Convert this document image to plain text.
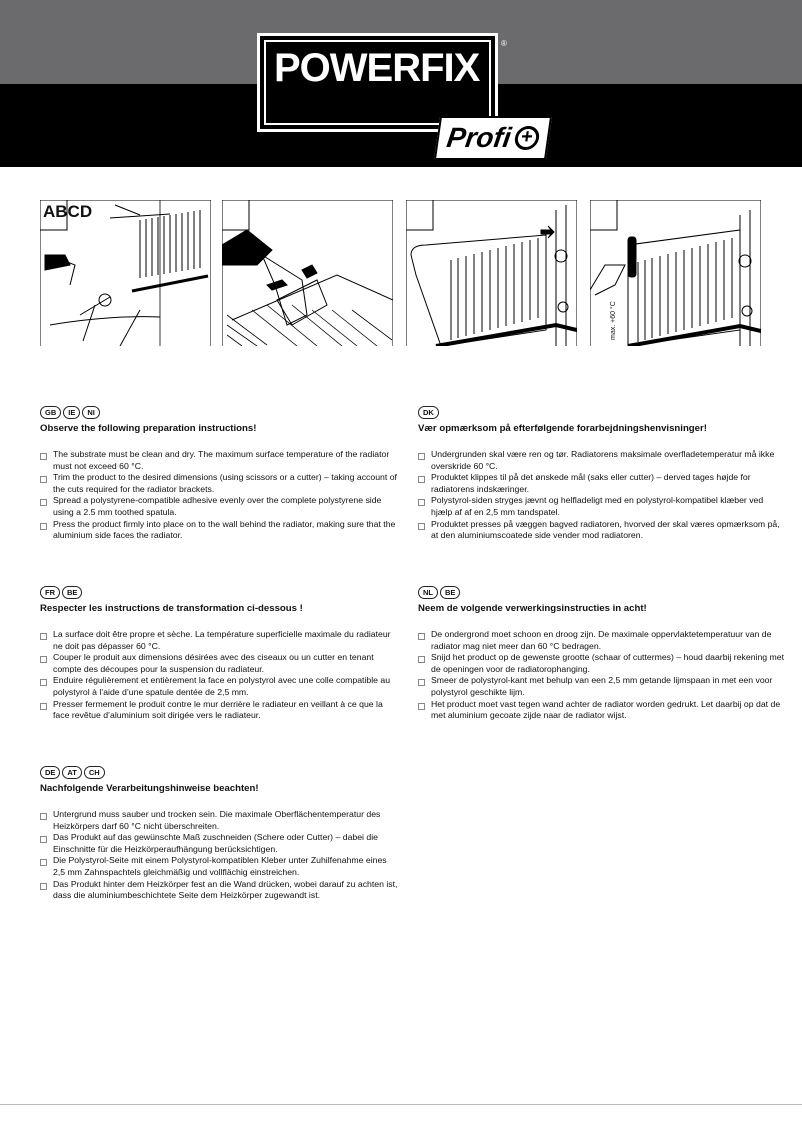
POWERFIX
®
Profi +
ABCD
max. +60 °C
GB	IE	NI
Observe the following preparation instructions!
The substrate must be clean and dry. The maximum surface temperature of the radiator must not exceed 60 °C.
Trim the product to the desired dimensions (using scissors or a cutter) – taking account of the cuts required for the radiator brackets.
Spread a polystyrene-compatible adhesive evenly over the complete polystyrene side using a 2.5 mm toothed spatula.
Press the product firmly into place on to the wall behind the radiator, making sure that the aluminium side faces the radiator.
FR	BE
Respecter les instructions de transformation ci-dessous !
La surface doit être propre et sèche. La température superficielle maximale du radiateur ne doit pas dépasser 60 °C.
Couper le produit aux dimensions désirées avec des ciseaux ou un cutter en tenant compte des découpes pour la suspension du radiateur.
Enduire régulièrement et entièrement la face en polystyrol avec une colle compatible au polystyrol à l’aide d’une spatule dentée de 2,5 mm.
Presser fermement le produit contre le mur derrière le radiateur en veillant à ce que la face revêtue d’aluminium soit dirigée vers le radiateur.
DE	AT	CH
Nachfolgende Verarbeitungshinweise beachten!
Untergrund muss sauber und trocken sein. Die maximale Oberflächentemperatur des Heizkörpers darf 60 °C nicht überschreiten.
Das Produkt auf das gewünschte Maß zuschneiden (Schere oder Cutter) – dabei die Einschnitte für die Heizkörperaufhängung berücksichtigen.
Die Polystyrol-Seite mit einem Polystyrol-kompatiblen Kleber unter Zuhilfenahme eines 2,5 mm Zahnspachtels gleichmäßig und vollflächig einstreichen.
Das Produkt hinter dem Heizkörper fest an die Wand drücken, wobei darauf zu achten ist, dass die aluminiumbeschichtete Seite dem Heizkörper zugewandt ist.
DK
Vær opmærksom på efterfølgende forarbejdningshenvisninger!
Undergrunden skal være ren og tør. Radiatorens maksimale overfladetemperatur må ikke overskride 60 °C.
Produktet klippes til på det ønskede mål (saks eller cutter) – derved tages højde for radiatorens indskæringer.
Polystyrol-siden stryges jævnt og helfladeligt med en polystyrol-kompatibel klæber ved hjælp af af en 2,5 mm tandspatel.
Produktet presses på væggen bagved radiatoren, hvorved der skal væres opmærksom på, at den aluminiumscoatede side vender mod radiatoren.
NL	BE
Neem de volgende verwerkingsinstructies in acht!
De ondergrond moet schoon en droog zijn. De maximale oppervlaktetemperatuur van de radiator mag niet meer dan 60 °C bedragen.
Snijd het product op de gewenste grootte (schaar of cuttermes) – houd daarbij rekening met de openingen voor de radiatorophanging.
Smeer de polystyrol-kant met behulp van een 2,5 mm getande lijmspaan in met een voor polystyrol geschikte lijm.
Het product moet vast tegen wand achter de radiator worden gedrukt. Let daarbij op dat de met aluminium gecoate zijde naar de radiator wijst.
